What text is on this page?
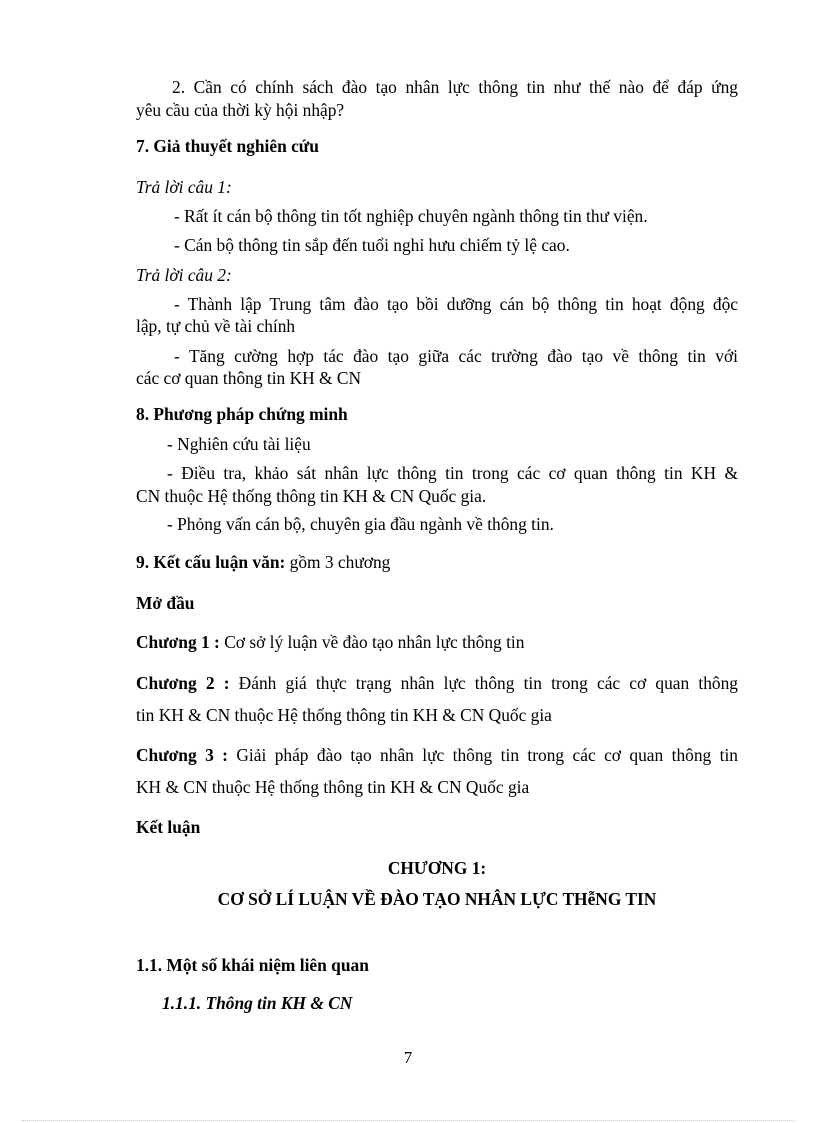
2. Cần có chính sách đào tạo nhân lực thông tin như thế nào để đáp ứng
yêu cầu của thời kỳ hội nhập?
7. Giả thuyết nghiên cứu
Trả lời câu 1:
- Rất ít cán bộ thông tin tốt nghiệp chuyên ngành thông tin thư viện.
- Cán bộ thông tin sắp đến tuổi nghỉ hưu chiếm tỷ lệ cao.
Trả lời câu 2:
- Thành lập Trung tâm đào tạo bồi dưỡng cán bộ thông tin hoạt động độc
lập, tự chủ về tài chính
- Tăng cường hợp tác đào tạo giữa các trường đào tạo về thông tin với
các cơ quan thông tin KH & CN
8. Phương pháp chứng minh
- Nghiên cứu tài liệu
- Điều tra, khảo sát nhân lực thông tin trong các cơ quan thông tin KH &
CN thuộc Hệ thống thông tin KH & CN Quốc gia.
- Phỏng vấn cán bộ, chuyên gia đầu ngành về thông tin.
9. Kết cấu luận văn: gồm 3 chương
Mở đầu
Chương 1 : Cơ sở lý luận về đào tạo nhân lực thông tin
Chương 2 : Đánh giá thực trạng nhân lực thông tin trong các cơ quan thông
tin KH & CN thuộc Hệ thống thông tin KH & CN Quốc gia
Chương 3 : Giải pháp đào tạo nhân lực thông tin trong các cơ quan thông tin
KH & CN thuộc Hệ thống thông tin KH & CN Quốc gia
Kết luận
CHƯƠNG 1:
CƠ SỞ LÍ LUẬN VỀ ĐÀO TẠO NHÂN LỰC THễNG TIN
1.1. Một số khái niệm liên quan
1.1.1. Thông tin KH & CN
7
